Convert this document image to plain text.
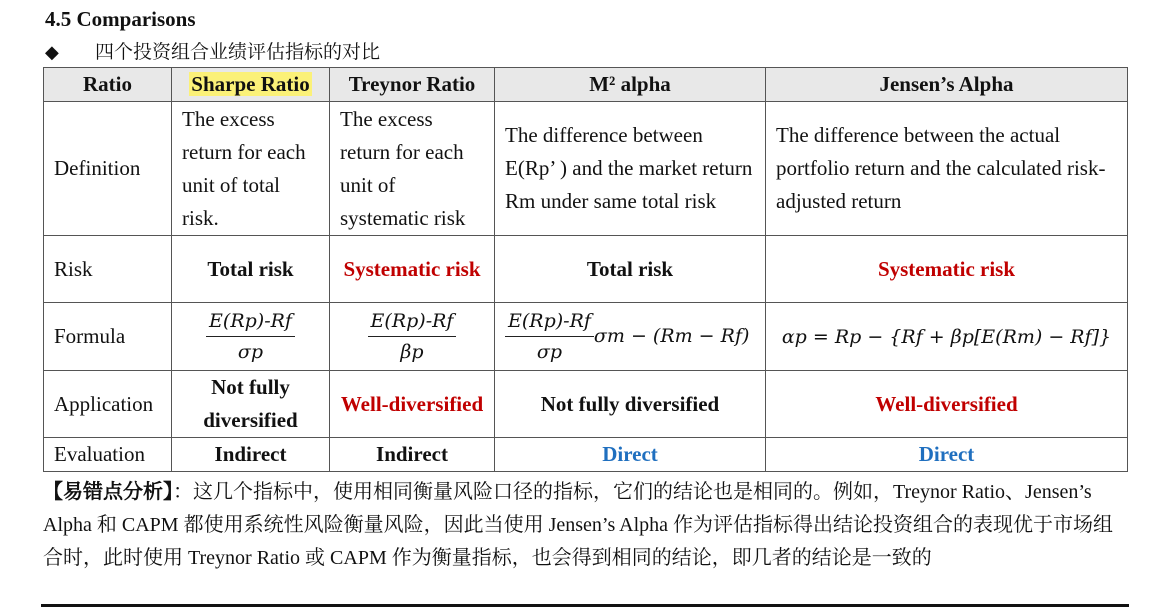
4.5 Comparisons
◆ 四个投资组合业绩评估指标的对比
Ratio	Sharpe Ratio	Treynor Ratio	M² alpha	Jensen’s Alpha
Definition	The excess return for each unit of total risk.	The excess return for each unit of systematic risk	The difference between E(Rp’ ) and the market return Rm under same total risk	The difference between the actual portfolio return and the calculated risk-adjusted return
Risk	Total risk	Systematic risk	Total risk	Systematic risk
Formula	$\frac{E(Rp)-Rf}{\sigma p}$	$\frac{E(Rp)-Rf}{\beta p}$	$\frac{E(Rp)-Rf}{\sigma p}$ σm − (Rm − Rf)	αp = Rp − {Rf + βp[E(Rm) − Rf]}
Application	Not fully diversified	Well-diversified	Not fully diversified	Well-diversified
Evaluation	Indirect	Indirect	Direct	Direct
【易错点分析】：这几个指标中，使用相同衡量风险口径的指标，它们的结论也是相同的。例如，Treynor Ratio、Jensen’s Alpha 和 CAPM 都使用系统性风险衡量风险，因此当使用 Jensen’s Alpha 作为评估指标得出结论投资组合的表现优于市场组合时，此时使用 Treynor Ratio 或 CAPM 作为衡量指标，也会得到相同的结论，即几者的结论是一致的
